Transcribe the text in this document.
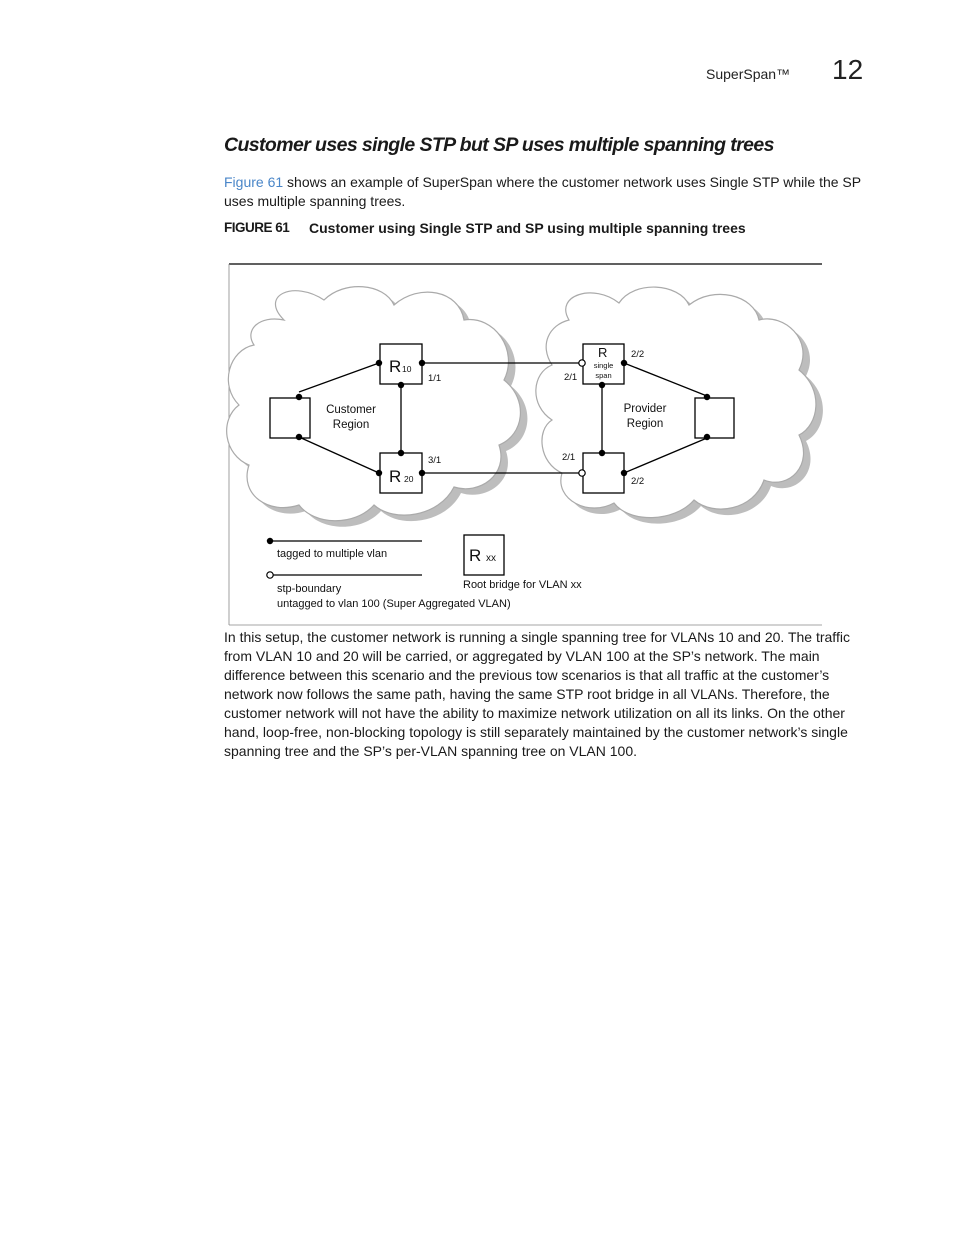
SuperSpan™ 12
Customer uses single STP but SP uses multiple spanning trees
Figure 61 shows an example of SuperSpan where the customer network uses Single STP while the SP uses multiple spanning trees.
FIGURE 61 Customer using Single STP and SP using multiple spanning trees
R 10
R 20
R
single
span
1/1
3/1
2/1
2/2
2/1
2/2
Customer
Region
Provider
Region
tagged to multiple vlan
stp-boundary
untagged to vlan 100 (Super Aggregated VLAN)
R xx
Root bridge for VLAN xx
In this setup, the customer network is running a single spanning tree for VLANs 10 and 20. The traffic from VLAN 10 and 20 will be carried, or aggregated by VLAN 100 at the SP’s network. The main difference between this scenario and the previous tow scenarios is that all traffic at the customer’s network now follows the same path, having the same STP root bridge in all VLANs. Therefore, the customer network will not have the ability to maximize network utilization on all its links. On the other hand, loop-free, non-blocking topology is still separately maintained by the customer network’s single spanning tree and the SP’s per-VLAN spanning tree on VLAN 100.
